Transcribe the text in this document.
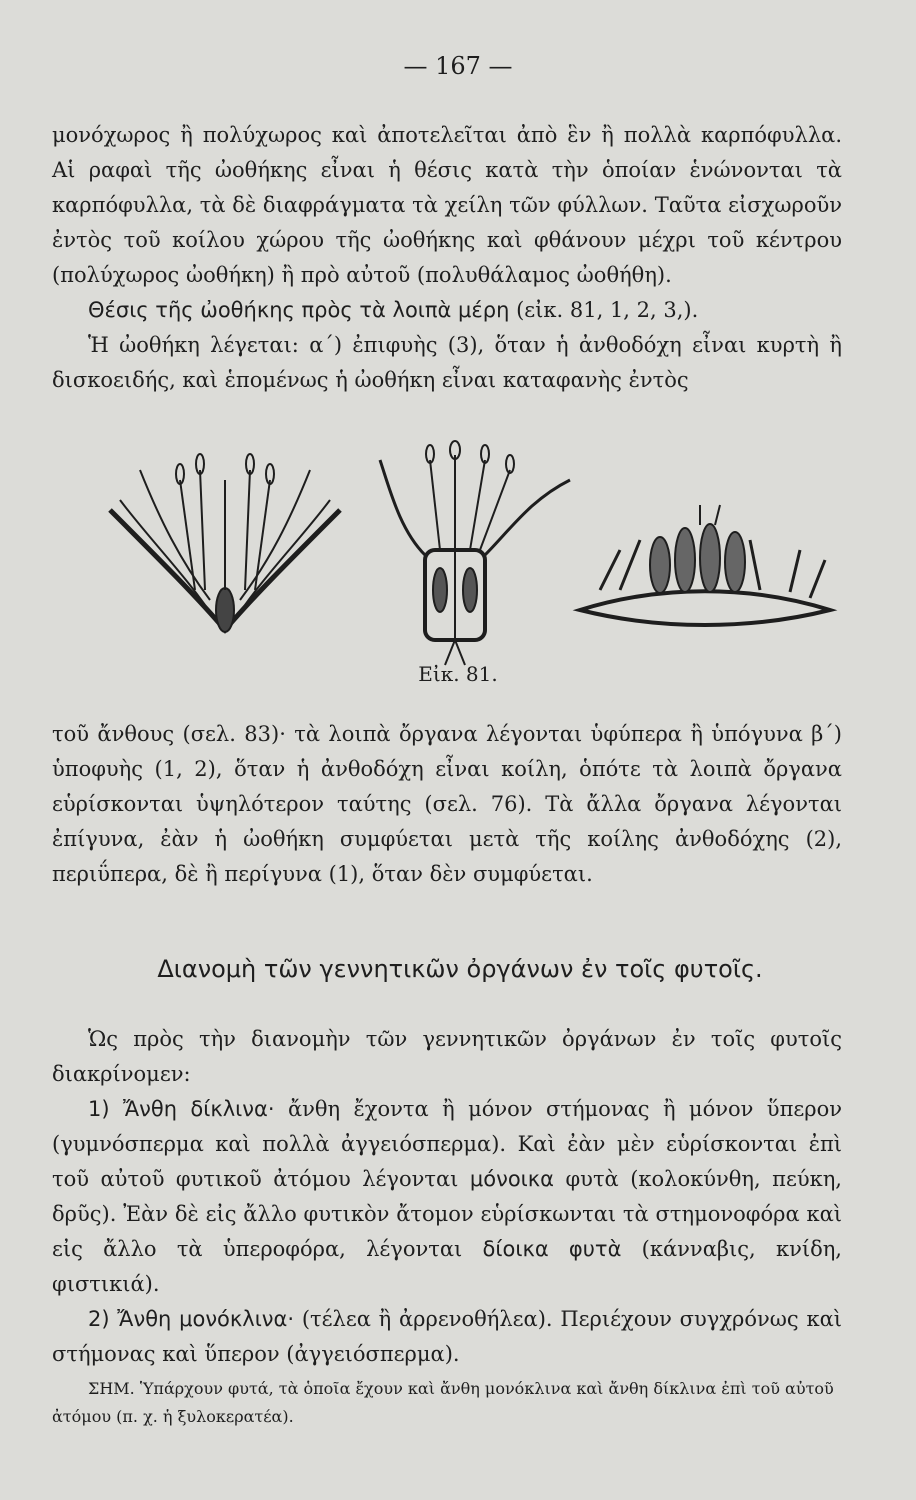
— 167 —

μονόχωρος ἢ πολύχωρος καὶ ἀποτελεῖται ἀπὸ ἓν ἢ πολλὰ καρπόφυλλα. Αἱ ραφαὶ τῆς ὠοθήκης εἶναι ἡ θέσις κατὰ τὴν ὁποίαν ἑνώνονται τὰ καρπόφυλλα, τὰ δὲ διαφράγματα τὰ χείλη τῶν φύλλων. Ταῦτα εἰσχωροῦν ἐντὸς τοῦ κοίλου χώρου τῆς ὠοθήκης καὶ φθάνουν μέχρι τοῦ κέντρου (πολύχωρος ὠοθήκη) ἢ πρὸ αὐτοῦ (πολυθάλαμος ὠοθήθη).

Θέσις τῆς ὠοθήκης πρὸς τὰ λοιπὰ μέρη (εἰκ. 81, 1, 2, 3,).

Ἡ ὠοθήκη λέγεται: α΄) ἐπιφυὴς (3), ὅταν ἡ ἀνθοδόχη εἶναι κυρτὴ ἢ δισκοειδής, καὶ ἑπομένως ἡ ὠοθήκη εἶναι καταφανὴς ἐντὸς

Εἰκ. 81.

τοῦ ἄνθους (σελ. 83)· τὰ λοιπὰ ὄργανα λέγονται ὑφύπερα ἢ ὑπόγυνα β΄) ὑποφυὴς (1, 2), ὅταν ἡ ἀνθοδόχη εἶναι κοίλη, ὁπότε τὰ λοιπὰ ὄργανα εὑρίσκονται ὑψηλότερον ταύτης (σελ. 76). Τὰ ἄλλα ὄργανα λέγονται ἐπίγυνα, ἐὰν ἡ ὠοθήκη συμφύεται μετὰ τῆς κοίλης ἀνθοδόχης (2), περιΰπερα, δὲ ἢ περίγυνα (1), ὅταν δὲν συμφύεται.

Διανομὴ τῶν γεννητικῶν ὀργάνων ἐν τοῖς φυτοῖς.

Ὡς πρὸς τὴν διανομὴν τῶν γεννητικῶν ὀργάνων ἐν τοῖς φυτοῖς διακρίνομεν:

1) Ἄνθη δίκλινα· ἄνθη ἔχοντα ἢ μόνον στήμονας ἢ μόνον ὕπερον (γυμνόσπερμα καὶ πολλὰ ἀγγειόσπερμα). Καὶ ἐὰν μὲν εὑρίσκονται ἐπὶ τοῦ αὐτοῦ φυτικοῦ ἀτόμου λέγονται μόνοικα φυτὰ (κολοκύνθη, πεύκη, δρῦς). Ἐὰν δὲ εἰς ἄλλο φυτικὸν ἄτομον εὑρίσκωνται τὰ στημονοφόρα καὶ εἰς ἄλλο τὰ ὑπεροφόρα, λέγονται δίοικα φυτὰ (κάνναβις, κνίδη, φιστικιά).

2) Ἄνθη μονόκλινα· (τέλεα ἢ ἀρρενοθήλεα). Περιέχουν συγχρόνως καὶ στήμονας καὶ ὕπερον (ἀγγειόσπερμα).

ΣΗΜ. Ὑπάρχουν φυτά, τὰ ὁποῖα ἔχουν καὶ ἄνθη μονόκλινα καὶ ἄνθη δίκλινα ἐπὶ τοῦ αὐτοῦ ἀτόμου (π. χ. ἡ ξυλοκερατέα).
